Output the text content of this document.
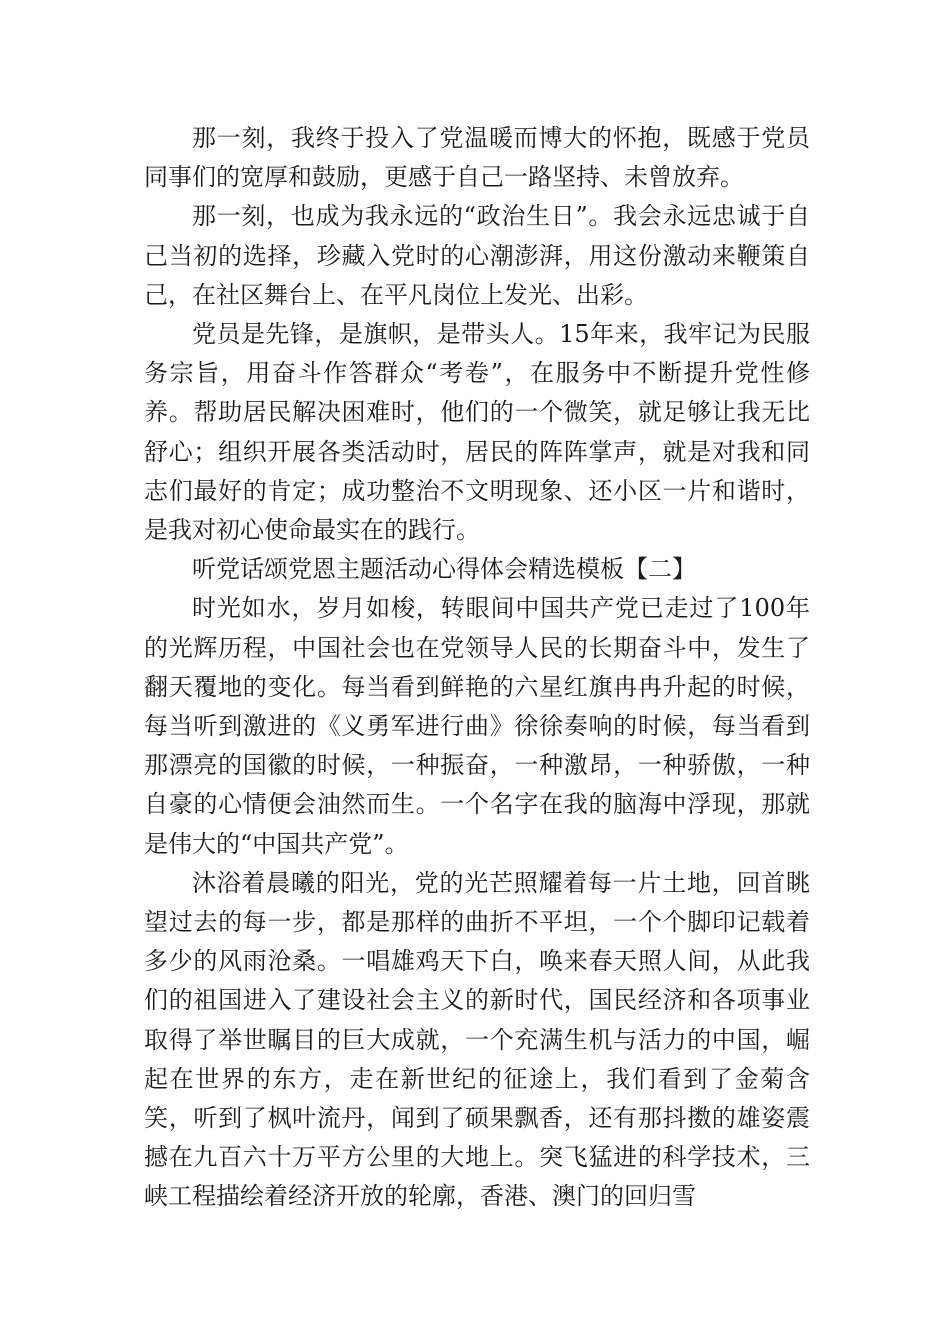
那一刻，我终于投入了党温暖而博大的怀抱，既感于党员同事们的宽厚和鼓励，更感于自己一路坚持、未曾放弃。

那一刻，也成为我永远的“政治生日”。我会永远忠诚于自己当初的选择，珍藏入党时的心潮澎湃，用这份激动来鞭策自己，在社区舞台上、在平凡岗位上发光、出彩。

党员是先锋，是旗帜，是带头人。15年来，我牢记为民服务宗旨，用奋斗作答群众“考卷”，在服务中不断提升党性修养。帮助居民解决困难时，他们的一个微笑，就足够让我无比舒心；组织开展各类活动时，居民的阵阵掌声，就是对我和同志们最好的肯定；成功整治不文明现象、还小区一片和谐时，是我对初心使命最实在的践行。

听党话颂党恩主题活动心得体会精选模板【二】

时光如水，岁月如梭，转眼间中国共产党已走过了100年的光辉历程，中国社会也在党领导人民的长期奋斗中，发生了翻天覆地的变化。每当看到鲜艳的六星红旗冉冉升起的时候，每当听到激进的《义勇军进行曲》徐徐奏响的时候，每当看到那漂亮的国徽的时候，一种振奋，一种激昂，一种骄傲，一种自豪的心情便会油然而生。一个名字在我的脑海中浮现，那就是伟大的“中国共产党”。

沐浴着晨曦的阳光，党的光芒照耀着每一片土地，回首眺望过去的每一步，都是那样的曲折不平坦，一个个脚印记载着多少的风雨沧桑。一唱雄鸡天下白，唤来春天照人间，从此我们的祖国进入了建设社会主义的新时代，国民经济和各项事业取得了举世瞩目的巨大成就，一个充满生机与活力的中国，崛起在世界的东方，走在新世纪的征途上，我们看到了金菊含笑，听到了枫叶流丹，闻到了硕果飘香，还有那抖擞的雄姿震撼在九百六十万平方公里的大地上。突飞猛进的科学技术，三峡工程描绘着经济开放的轮廓，香港、澳门的回归雪
